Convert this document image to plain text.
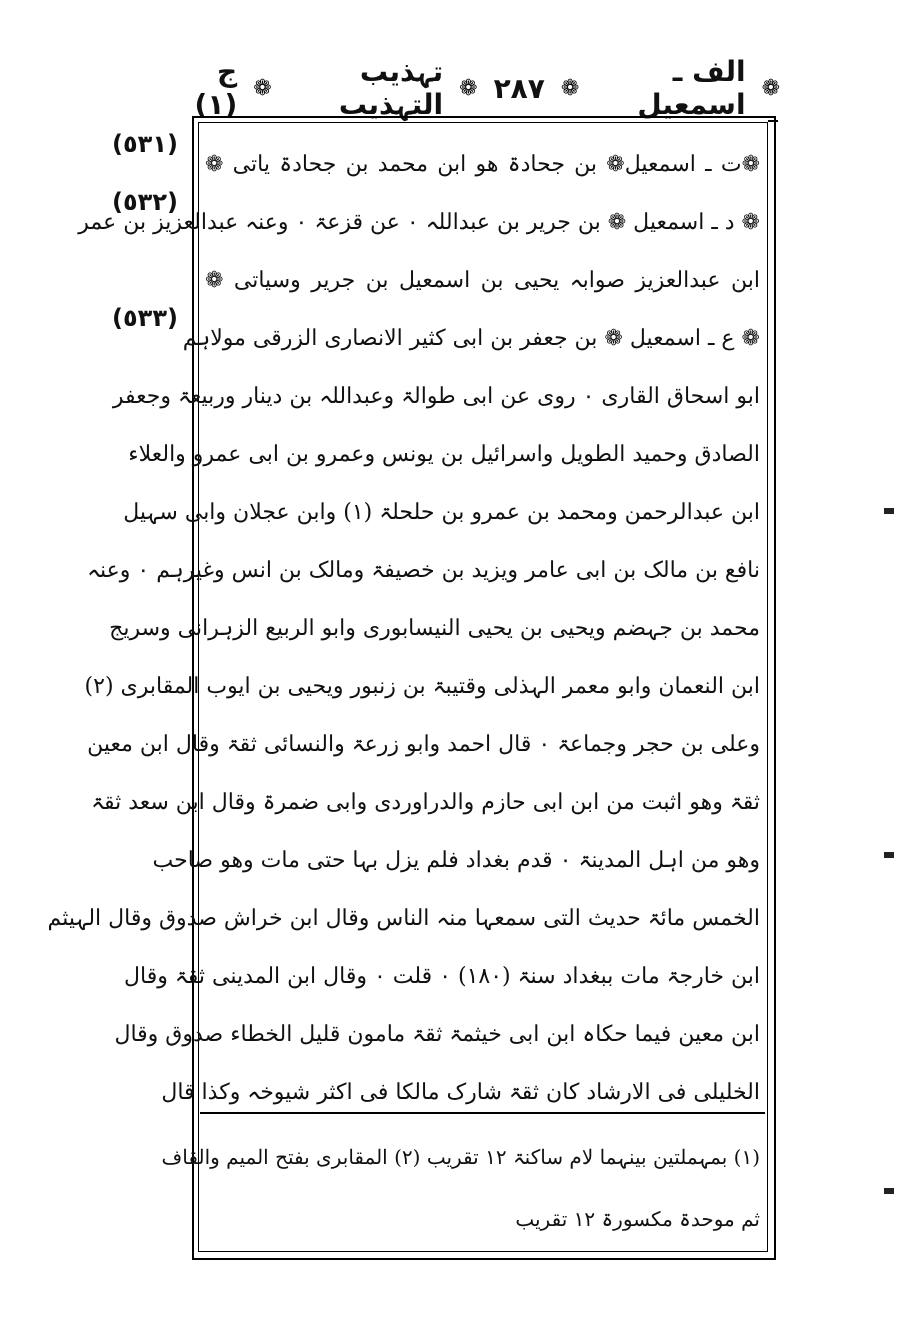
ج (١) ❁	تہذیب التہذیب ❁ ٢٨٧ ❁	الف ـ اسمعیل ❁
(٥٣١)
(٥٣٢)
(٥٣٣)
❁ت ـ اسمعیل❁ بن جحادۃ ھو ابن محمد بن جحادۃ یاتی ❁
❁ د ـ اسمعیل ❁ بن جریر بن عبداللہ ۰ عن قزعۃ ۰ وعنہ عبدالعزیز بن عمر
ابن عبدالعزیز صوابہ یحیی بن اسمعیل بن جریر وسیاتی ❁
❁ ع ـ اسمعیل ❁ بن جعفر بن ابی کثیر الانصاری الزرقی مولاہم
ابو اسحاق القاری ۰ روی عن ابی طوالۃ وعبداللہ بن دینار وربیعۃ وجعفر
الصادق وحمید الطویل واسرائیل بن یونس وعمرو بن ابی عمرو والعلاء
ابن عبدالرحمن ومحمد بن عمرو بن حلحلۃ (١) وابن عجلان وابی سہیل
نافع بن مالک بن ابی عامر ویزید بن خصیفۃ ومالک بن انس وغیرہم ۰ وعنہ
محمد بن جہضم ویحیی بن یحیی النیسابوری وابو الربیع الزہرانی وسریج
ابن النعمان وابو معمر الہذلی وقتیبۃ بن زنبور ویحیی بن ایوب المقابری (٢)
وعلی بن حجر وجماعۃ ۰ قال احمد وابو زرعۃ والنسائی ثقۃ وقال ابن معین
ثقۃ وھو اثبت من ابن ابی حازم والدراوردی وابی ضمرۃ وقال ابن سعد ثقۃ
وھو من اہل المدینۃ ۰ قدم بغداد فلم یزل بہا حتی مات وھو صاحب
الخمس مائۃ حدیث التی سمعہا منہ الناس وقال ابن خراش صدوق وقال الہیثم
ابن خارجۃ مات ببغداد سنۃ (١٨٠) ۰ قلت ۰ وقال ابن المدینی ثقۃ وقال
ابن معین فیما حکاہ ابن ابی خیثمۃ ثقۃ مامون قلیل الخطاء صدوق وقال
الخلیلی فی الارشاد کان ثقۃ شارک مالکا فی اکثر شیوخہ وکذا قال
(١) بمہملتین بینہما لام ساکنۃ ١٢ تقریب (٢) المقابری بفتح المیم والقاف
ثم موحدۃ مکسورۃ ١٢ تقریب
